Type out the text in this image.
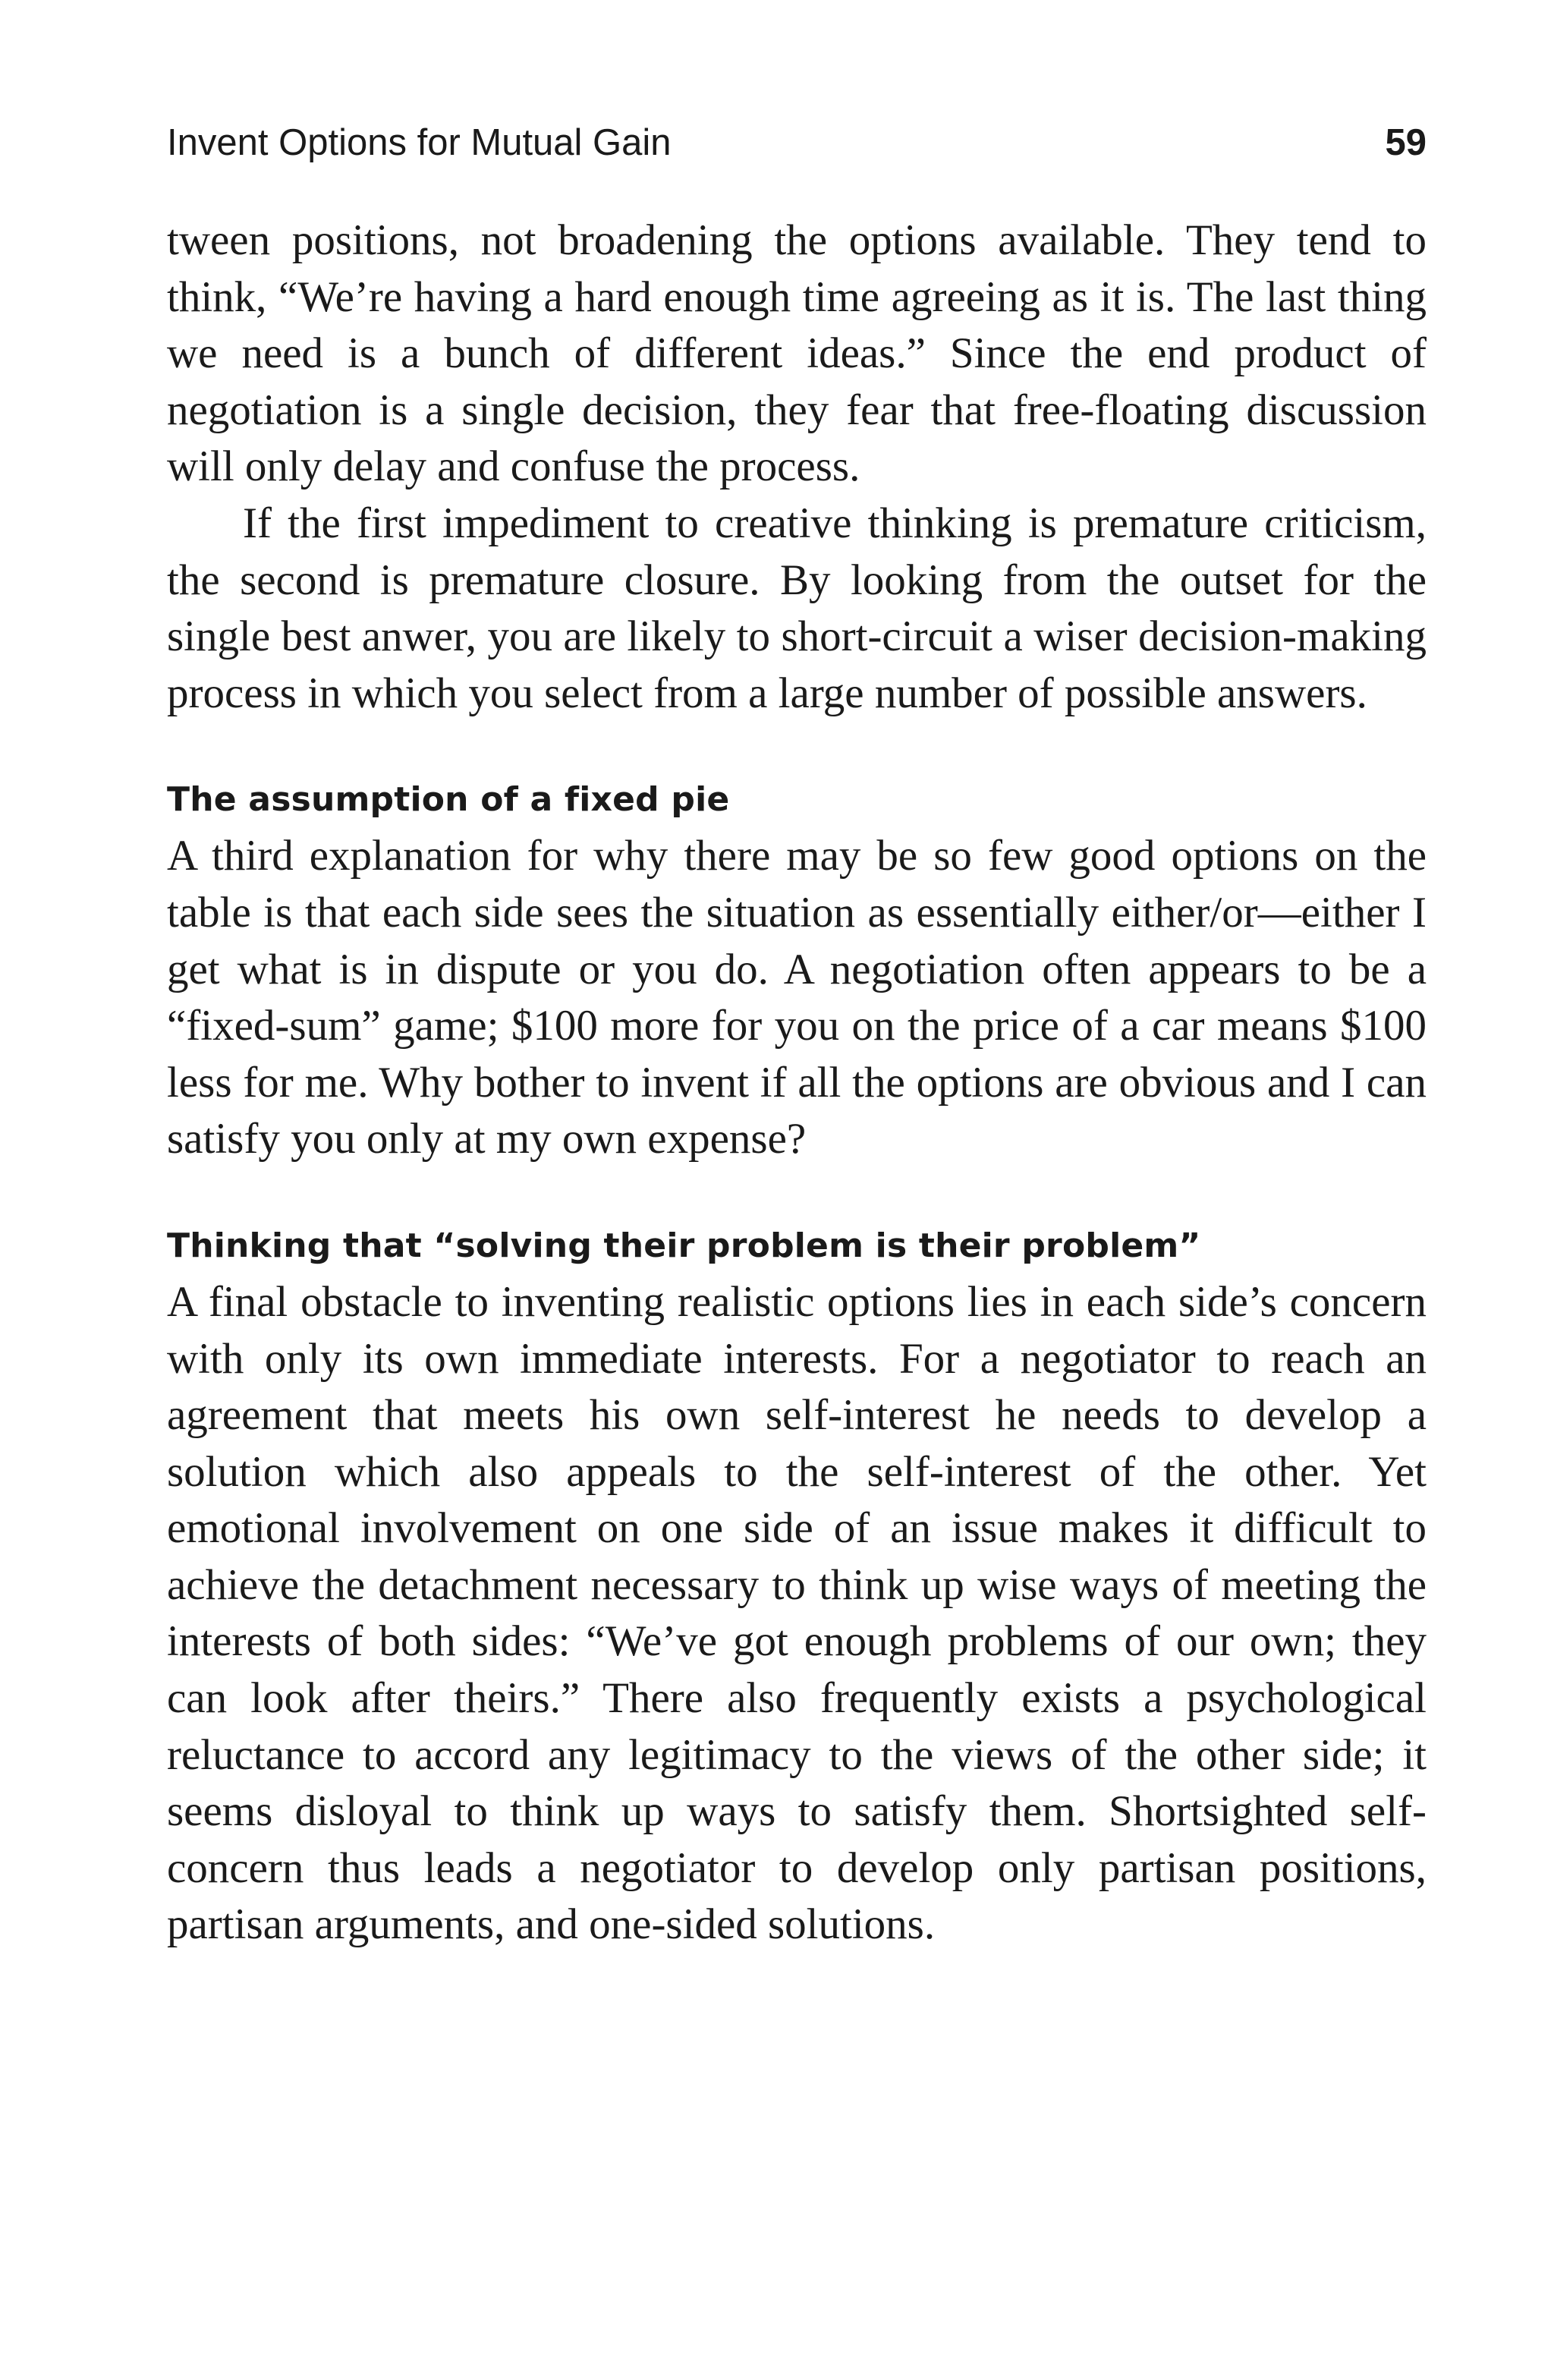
Invent Options for Mutual Gain	59

tween positions, not broadening the options available. They tend to think, “We’re having a hard enough time agreeing as it is. The last thing we need is a bunch of different ideas.” Since the end product of negotiation is a single decision, they fear that free-floating discussion will only delay and confuse the process.

If the first impediment to creative thinking is premature criticism, the second is premature closure. By looking from the outset for the single best anwer, you are likely to short-circuit a wiser decision-making process in which you select from a large number of possible answers.

The assumption of a fixed pie

A third explanation for why there may be so few good options on the table is that each side sees the situation as essentially either/or—either I get what is in dispute or you do. A negotiation often appears to be a “fixed-sum” game; $100 more for you on the price of a car means $100 less for me. Why bother to invent if all the options are obvious and I can satisfy you only at my own expense?

Thinking that “solving their problem is their problem”

A final obstacle to inventing realistic options lies in each side’s concern with only its own immediate interests. For a negotiator to reach an agreement that meets his own self-interest he needs to develop a solution which also appeals to the self-interest of the other. Yet emotional involvement on one side of an issue makes it difficult to achieve the detachment necessary to think up wise ways of meeting the interests of both sides: “We’ve got enough problems of our own; they can look after theirs.” There also frequently exists a psychological reluctance to accord any legitimacy to the views of the other side; it seems disloyal to think up ways to satisfy them. Shortsighted self-concern thus leads a negotiator to develop only partisan positions, partisan arguments, and one-sided solutions.
